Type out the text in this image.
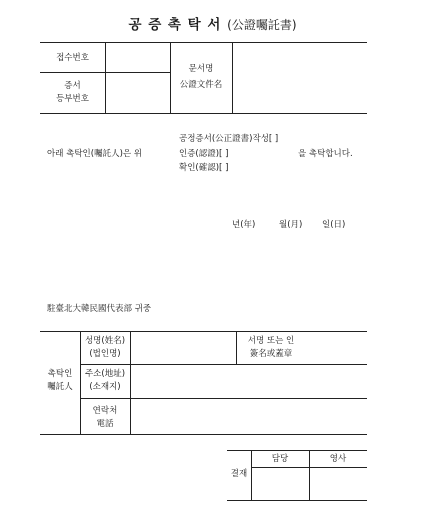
공 증 촉 탁 서 (公證囑託書)
접수번호
증서
등부번호
문서명
公證文件名
아래 촉탁인(囑託人)은 위
공정증서(公正證書)작성[ ]
인증(認證)[ ]
확인(確認)[ ]
을 촉탁합니다.
년(年)	월(月) 일(日)
駐臺北大韓民國代表部 귀중
촉탁인
囑託人
성명(姓名)
(법인명)
서명 또는 인
簽名或蓋章
주소(地址)
(소재지)
연락처
電話
결재
담당	영사
